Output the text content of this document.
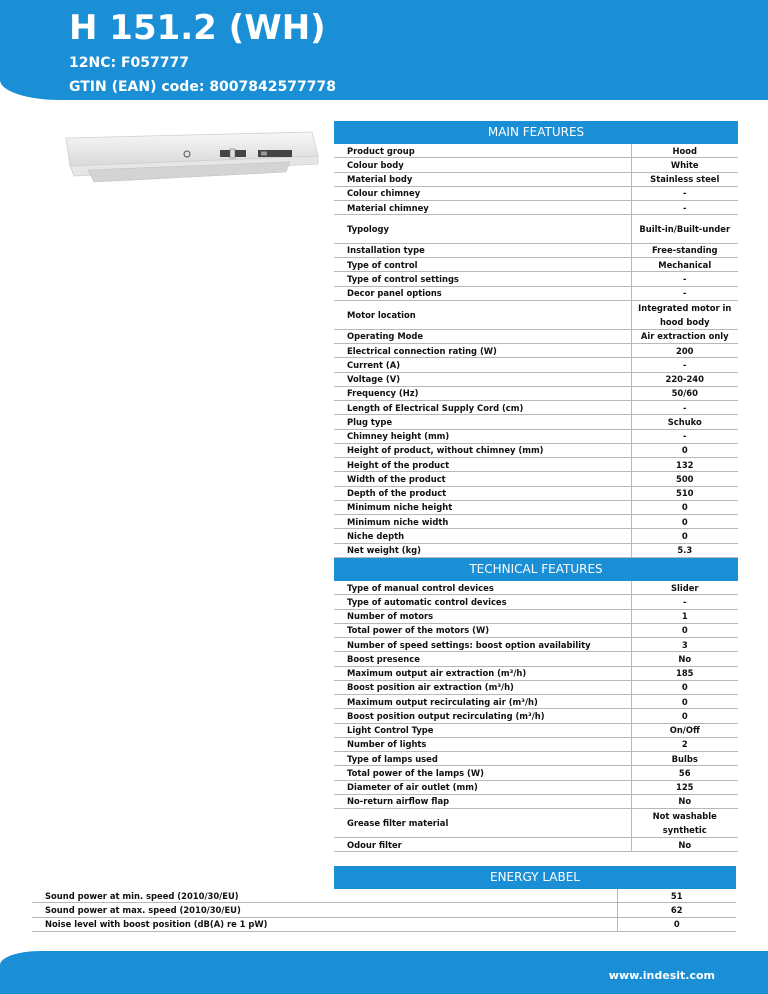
H 151.2 (WH)
12NC: F057777
GTIN (EAN) code: 8007842577778
MAIN FEATURES
Product group	Hood
Colour body	White
Material body	Stainless steel
Colour chimney	-
Material chimney	-
Typology	Built-in/Built-under
Installation type	Free-standing
Type of control	Mechanical
Type of control settings	-
Decor panel options	-
Motor location	Integrated motor in hood body
Operating Mode	Air extraction only
Electrical connection rating (W)	200
Current (A)	-
Voltage (V)	220-240
Frequency (Hz)	50/60
Length of Electrical Supply Cord (cm)	-
Plug type	Schuko
Chimney height (mm)	-
Height of product, without chimney (mm)	0
Height of the product	132
Width of the product	500
Depth of the product	510
Minimum niche height	0
Minimum niche width	0
Niche depth	0
Net weight (kg)	5.3
TECHNICAL FEATURES
Type of manual control devices	Slider
Type of automatic control devices	-
Number of motors	1
Total power of the motors (W)	0
Number of speed settings: boost option availability	3
Boost presence	No
Maximum output air extraction (m³/h)	185
Boost position air extraction (m³/h)	0
Maximum output recirculating air (m³/h)	0
Boost position output recirculating (m³/h)	0
Light Control Type	On/Off
Number of lights	2
Type of lamps used	Bulbs
Total power of the lamps (W)	56
Diameter of air outlet (mm)	125
No-return airflow flap	No
Grease filter material	Not washable synthetic
Odour filter	No
ENERGY LABEL
Sound power at min. speed (2010/30/EU)	51
Sound power at max. speed (2010/30/EU)	62
Noise level with boost position (dB(A) re 1 pW)	0
www.indesit.com
